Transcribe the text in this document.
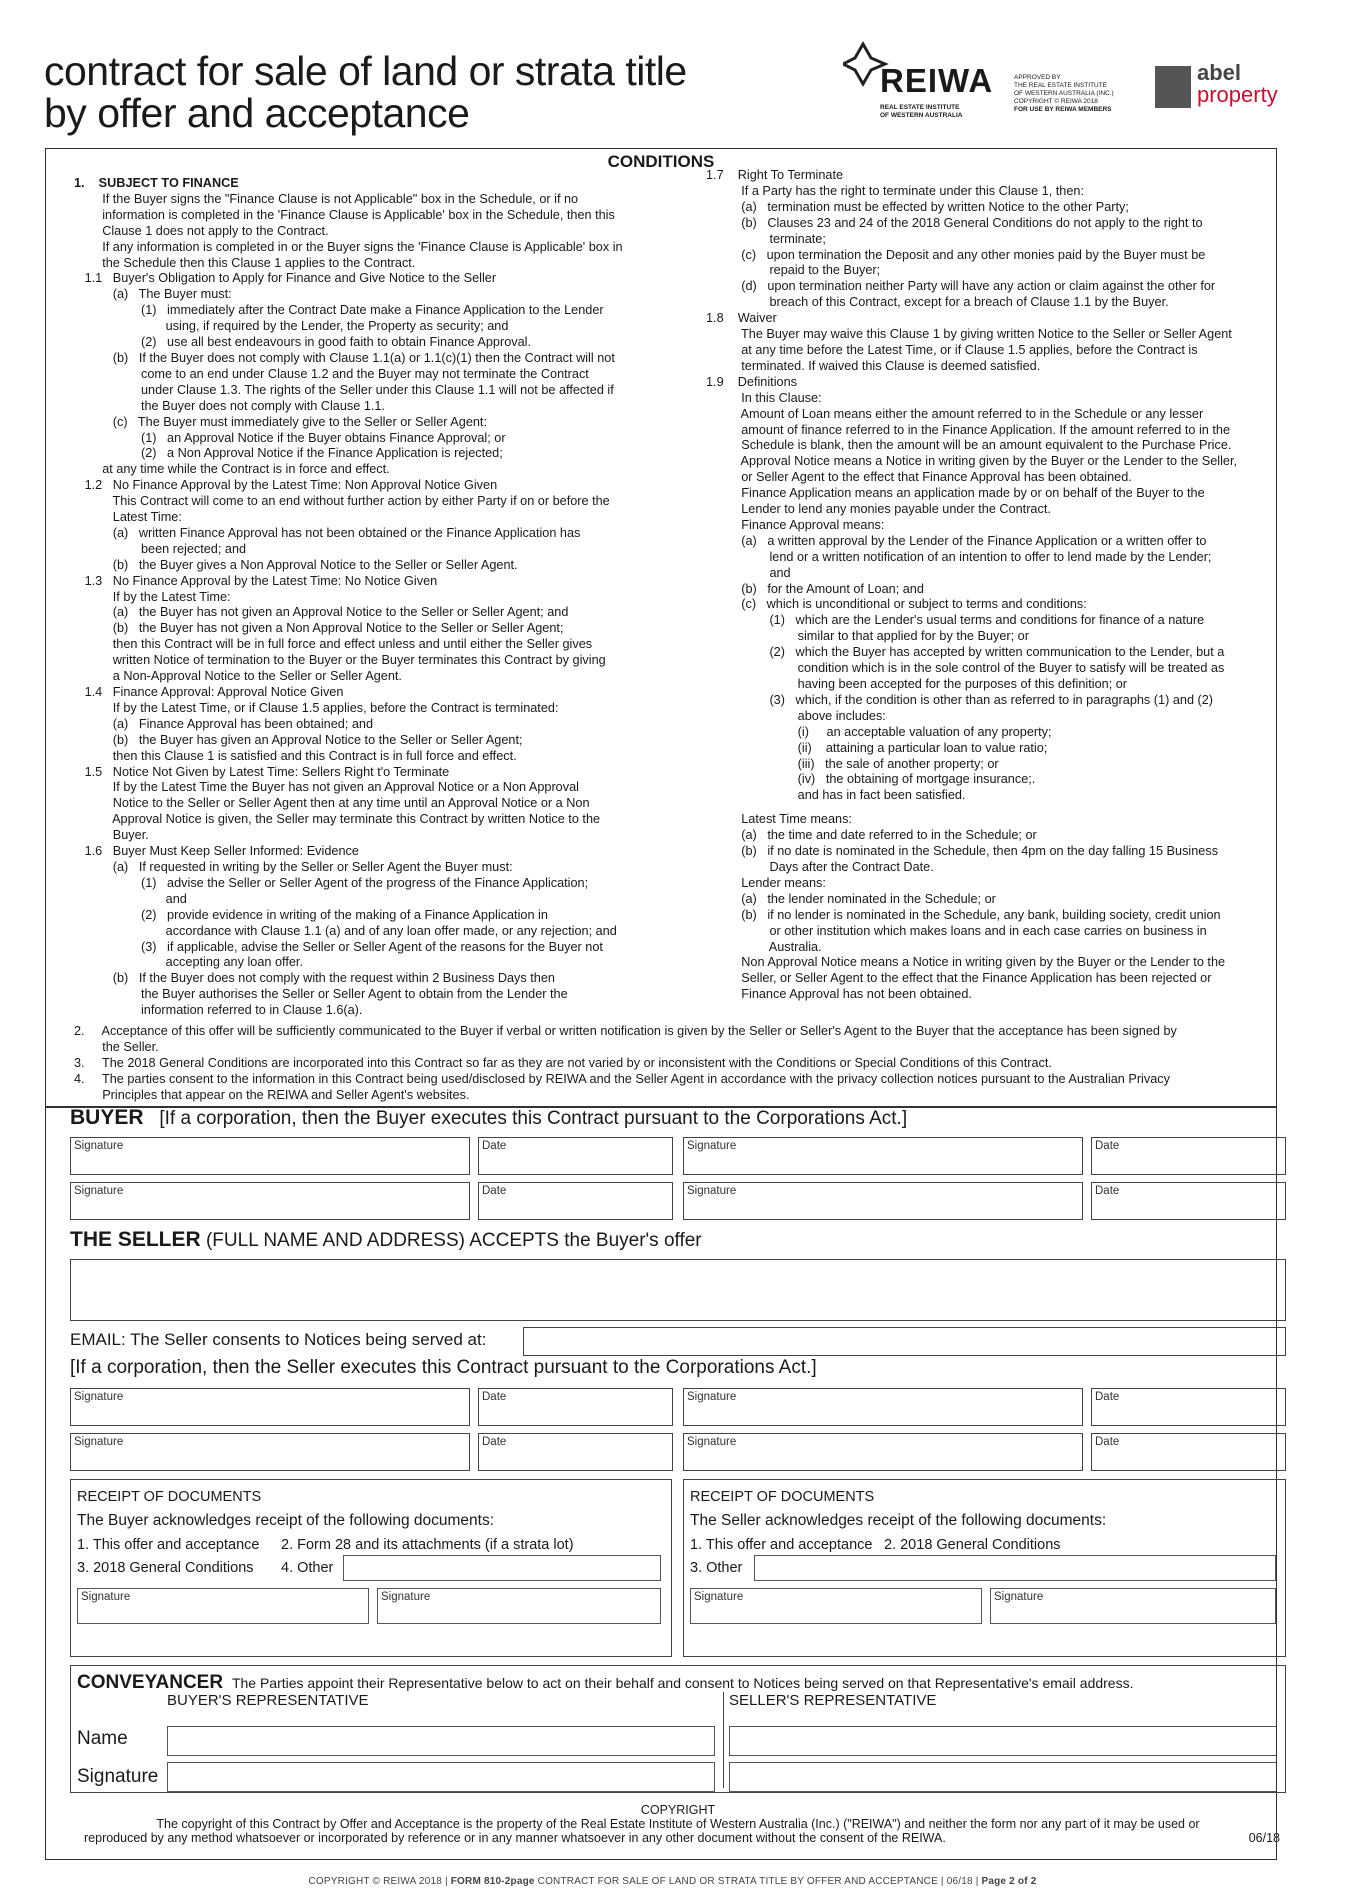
contract for sale of land or strata title
by offer and acceptance
REIWA
REAL ESTATE INSTITUTE
OF WESTERN AUSTRALIA
APPROVED BY
THE REAL ESTATE INSTITUTE
OF WESTERN AUSTRALIA (INC.)
COPYRIGHT © REIWA 2018
FOR USE BY REIWA MEMBERS
abel
property
CONDITIONS

1.    SUBJECT TO FINANCE

If the Buyer signs the "Finance Clause is not Applicable" box in the Schedule, or if no

information is completed in the 'Finance Clause is Applicable' box in the Schedule, then this

Clause 1 does not apply to the Contract.

If any information is completed in or the Buyer signs the 'Finance Clause is Applicable' box in

the Schedule then this Clause 1 applies to the Contract.

1.1   Buyer's Obligation to Apply for Finance and Give Notice to the Seller

(a)   The Buyer must:

(1)   immediately after the Contract Date make a Finance Application to the Lender

using, if required by the Lender, the Property as security; and

(2)   use all best endeavours in good faith to obtain Finance Approval.

(b)   If the Buyer does not comply with Clause 1.1(a) or 1.1(c)(1) then the Contract will not

come to an end under Clause 1.2 and the Buyer may not terminate the Contract

under Clause 1.3. The rights of the Seller under this Clause 1.1 will not be affected if

the Buyer does not comply with Clause 1.1.

(c)   The Buyer must immediately give to the Seller or Seller Agent:

(1)   an Approval Notice if the Buyer obtains Finance Approval; or

(2)   a Non Approval Notice if the Finance Application is rejected;

at any time while the Contract is in force and effect.

1.2   No Finance Approval by the Latest Time: Non Approval Notice Given

This Contract will come to an end without further action by either Party if on or before the

Latest Time:

(a)   written Finance Approval has not been obtained or the Finance Application has

been rejected; and

(b)   the Buyer gives a Non Approval Notice to the Seller or Seller Agent.

1.3   No Finance Approval by the Latest Time: No Notice Given

If by the Latest Time:

(a)   the Buyer has not given an Approval Notice to the Seller or Seller Agent; and

(b)   the Buyer has not given a Non Approval Notice to the Seller or Seller Agent;

then this Contract will be in full force and effect unless and until either the Seller gives

written Notice of termination to the Buyer or the Buyer terminates this Contract by giving

a Non-Approval Notice to the Seller or Seller Agent.

1.4   Finance Approval: Approval Notice Given

If by the Latest Time, or if Clause 1.5 applies, before the Contract is terminated:

(a)   Finance Approval has been obtained; and

(b)   the Buyer has given an Approval Notice to the Seller or Seller Agent;

then this Clause 1 is satisfied and this Contract is in full force and effect.

1.5   Notice Not Given by Latest Time: Sellers Right t'o Terminate

If by the Latest Time the Buyer has not given an Approval Notice or a Non Approval

Notice to the Seller or Seller Agent then at any time until an Approval Notice or a Non

Approval Notice is given, the Seller may terminate this Contract by written Notice to the

Buyer.

1.6   Buyer Must Keep Seller Informed: Evidence

(a)   If requested in writing by the Seller or Seller Agent the Buyer must:

(1)   advise the Seller or Seller Agent of the progress of the Finance Application;

and

(2)   provide evidence in writing of the making of a Finance Application in

accordance with Clause 1.1 (a) and of any loan offer made, or any rejection; and

(3)   if applicable, advise the Seller or Seller Agent of the reasons for the Buyer not

accepting any loan offer.

(b)   If the Buyer does not comply with the request within 2 Business Days then

the Buyer authorises the Seller or Seller Agent to obtain from the Lender the

information referred to in Clause 1.6(a).

1.7    Right To Terminate

If a Party has the right to terminate under this Clause 1, then:

(a)   termination must be effected by written Notice to the other Party;

(b)   Clauses 23 and 24 of the 2018 General Conditions do not apply to the right to

terminate;

(c)   upon termination the Deposit and any other monies paid by the Buyer must be

repaid to the Buyer;

(d)   upon termination neither Party will have any action or claim against the other for

breach of this Contract, except for a breach of Clause 1.1 by the Buyer.

1.8    Waiver

The Buyer may waive this Clause 1 by giving written Notice to the Seller or Seller Agent

at any time before the Latest Time, or if Clause 1.5 applies, before the Contract is

terminated. If waived this Clause is deemed satisfied.

1.9    Definitions

In this Clause:

Amount of Loan means either the amount referred to in the Schedule or any lesser

amount of finance referred to in the Finance Application. If the amount referred to in the

Schedule is blank, then the amount will be an amount equivalent to the Purchase Price.

Approval Notice means a Notice in writing given by the Buyer or the Lender to the Seller,

or Seller Agent to the effect that Finance Approval has been obtained.

Finance Application means an application made by or on behalf of the Buyer to the

Lender to lend any monies payable under the Contract.

Finance Approval means:

(a)   a written approval by the Lender of the Finance Application or a written offer to

lend or a written notification of an intention to offer to lend made by the Lender;

and

(b)   for the Amount of Loan; and

(c)   which is unconditional or subject to terms and conditions:

(1)   which are the Lender's usual terms and conditions for finance of a nature

similar to that applied for by the Buyer; or

(2)   which the Buyer has accepted by written communication to the Lender, but a

condition which is in the sole control of the Buyer to satisfy will be treated as

having been accepted for the purposes of this definition; or

(3)   which, if the condition is other than as referred to in paragraphs (1) and (2)

above includes:

(i)     an acceptable valuation of any property;

(ii)    attaining a particular loan to value ratio;

(iii)   the sale of another property; or

(iv)   the obtaining of mortgage insurance;.

and has in fact been satisfied.

Latest Time means:

(a)   the time and date referred to in the Schedule; or

(b)   if no date is nominated in the Schedule, then 4pm on the day falling 15 Business

Days after the Contract Date.

Lender means:

(a)   the lender nominated in the Schedule; or

(b)   if no lender is nominated in the Schedule, any bank, building society, credit union

or other institution which makes loans and in each case carries on business in

Australia.

Non Approval Notice means a Notice in writing given by the Buyer or the Lender to the

Seller, or Seller Agent to the effect that the Finance Application has been rejected or

Finance Approval has not been obtained.

2.     Acceptance of this offer will be sufficiently communicated to the Buyer if verbal or written notification is given by the Seller or Seller's Agent to the Buyer that the acceptance has been signed by

the Seller.

3.     The 2018 General Conditions are incorporated into this Contract so far as they are not varied by or inconsistent with the Conditions or Special Conditions of this Contract.

4.     The parties consent to the information in this Contract being used/disclosed by REIWA and the Seller Agent in accordance with the privacy collection notices pursuant to the Australian Privacy

Principles that appear on the REIWA and Seller Agent's websites.

BUYER [If a corporation, then the Buyer executes this Contract pursuant to the Corporations Act.]
Signature	Date	Signature	Date
Signature	Date	Signature	Date
THE SELLER (FULL NAME AND ADDRESS) ACCEPTS the Buyer's offer
EMAIL: The Seller consents to Notices being served at:
[If a corporation, then the Seller executes this Contract pursuant to the Corporations Act.]
Signature	Date	Signature	Date
Signature	Date	Signature	Date
RECEIPT OF DOCUMENTS
The Buyer acknowledges receipt of the following documents:
1. This offer and acceptance 2. Form 28 and its attachments (if a strata lot)
3. 2018 General Conditions 4. Other
Signature	Signature
RECEIPT OF DOCUMENTS
The Seller acknowledges receipt of the following documents:
1. This offer and acceptance 2. 2018 General Conditions
3. Other
Signature	Signature
CONVEYANCER The Parties appoint their Representative below to act on their behalf and consent to Notices being served on that Representative's email address.
BUYER'S REPRESENTATIVE	SELLER'S REPRESENTATIVE
Name
Signature
COPYRIGHT
The copyright of this Contract by Offer and Acceptance is the property of the Real Estate Institute of Western Australia (Inc.) ("REIWA") and neither the form nor any part of it may be used or
reproduced by any method whatsoever or incorporated by reference or in any manner whatsoever in any other document without the consent of the REIWA.	06/18
COPYRIGHT © REIWA 2018 | FORM 810-2page CONTRACT FOR SALE OF LAND OR STRATA TITLE BY OFFER AND ACCEPTANCE | 06/18 | Page 2 of 2
